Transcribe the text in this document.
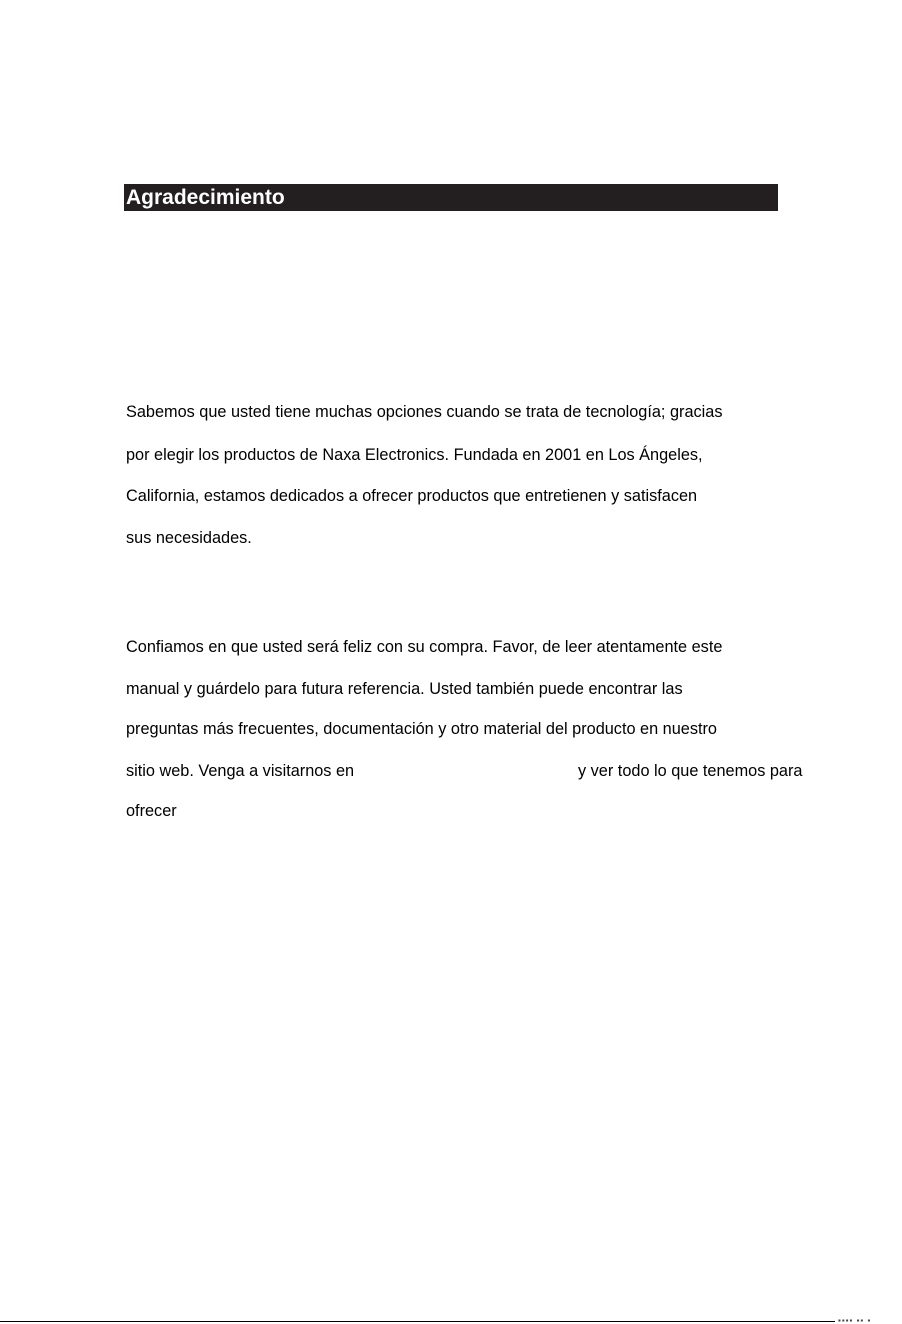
Agradecimiento
Sabemos que usted tiene muchas opciones cuando se trata de tecnología; gracias
por elegir los productos de Naxa Electronics. Fundada en 2001 en Los Ángeles,
California, estamos dedicados a ofrecer productos que entretienen y satisfacen
sus necesidades.
Confiamos en que usted será feliz con su compra. Favor, de leer atentamente este
manual y guárdelo para futura referencia. Usted también puede encontrar las
preguntas más frecuentes, documentación y otro material del producto en nuestro
sitio web. Venga a visitarnos en	y ver todo lo que tenemos para
ofrecer
▪▪▪▪ ▪▪ ▪
